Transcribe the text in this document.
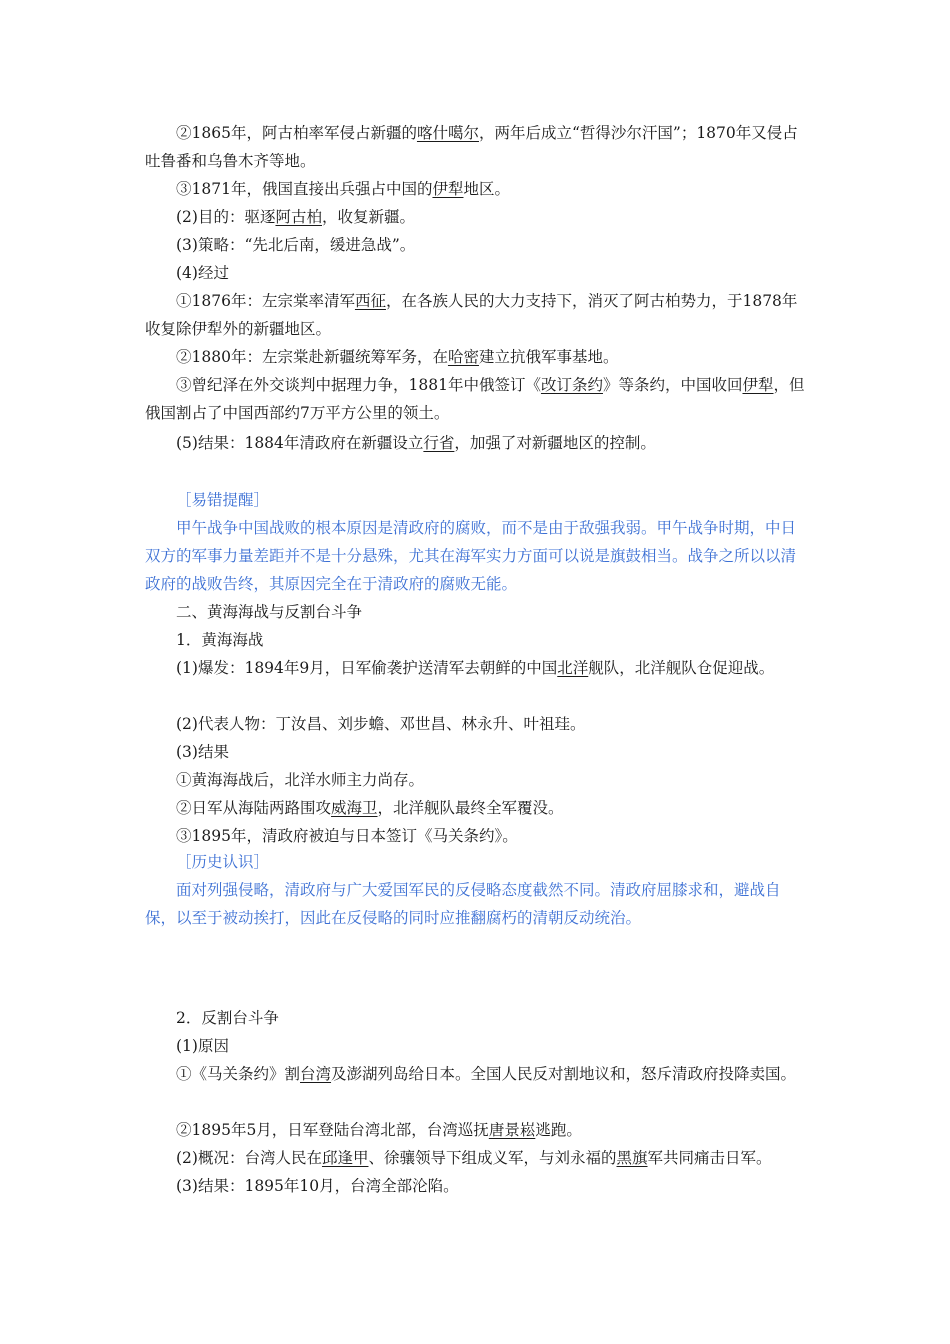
②1865年，阿古柏率军侵占新疆的喀什噶尔，两年后成立“哲得沙尔汗国”；1870年又侵占吐鲁番和乌鲁木齐等地。

③1871年，俄国直接出兵强占中国的伊犁地区。

(2)目的：驱逐阿古柏，收复新疆。

(3)策略：“先北后南，缓进急战”。

(4)经过

①1876年：左宗棠率清军西征，在各族人民的大力支持下，消灭了阿古柏势力，于1878年收复除伊犁外的新疆地区。

②1880年：左宗棠赴新疆统筹军务，在哈密建立抗俄军事基地。

③曾纪泽在外交谈判中据理力争，1881年中俄签订《改订条约》等条约，中国收回伊犁，但俄国割占了中国西部约7万平方公里的领土。

(5)结果：1884年清政府在新疆设立行省，加强了对新疆地区的控制。

［易错提醒］

甲午战争中国战败的根本原因是清政府的腐败，而不是由于敌强我弱。甲午战争时期，中日双方的军事力量差距并不是十分悬殊，尤其在海军实力方面可以说是旗鼓相当。战争之所以以清政府的战败告终，其原因完全在于清政府的腐败无能。

二、黄海海战与反割台斗争

1．黄海海战

(1)爆发：1894年9月，日军偷袭护送清军去朝鲜的中国北洋舰队，北洋舰队仓促迎战。

(2)代表人物：丁汝昌、刘步蟾、邓世昌、林永升、叶祖珪。

(3)结果

①黄海海战后，北洋水师主力尚存。

②日军从海陆两路围攻威海卫，北洋舰队最终全军覆没。

③1895年，清政府被迫与日本签订《马关条约》。

［历史认识］

面对列强侵略，清政府与广大爱国军民的反侵略态度截然不同。清政府屈膝求和，避战自保，以至于被动挨打，因此在反侵略的同时应推翻腐朽的清朝反动统治。

2．反割台斗争

(1)原因

①《马关条约》割台湾及澎湖列岛给日本。全国人民反对割地议和，怒斥清政府投降卖国。

②1895年5月，日军登陆台湾北部，台湾巡抚唐景崧逃跑。

(2)概况：台湾人民在邱逢甲、徐骧领导下组成义军，与刘永福的黑旗军共同痛击日军。

(3)结果：1895年10月，台湾全部沦陷。
